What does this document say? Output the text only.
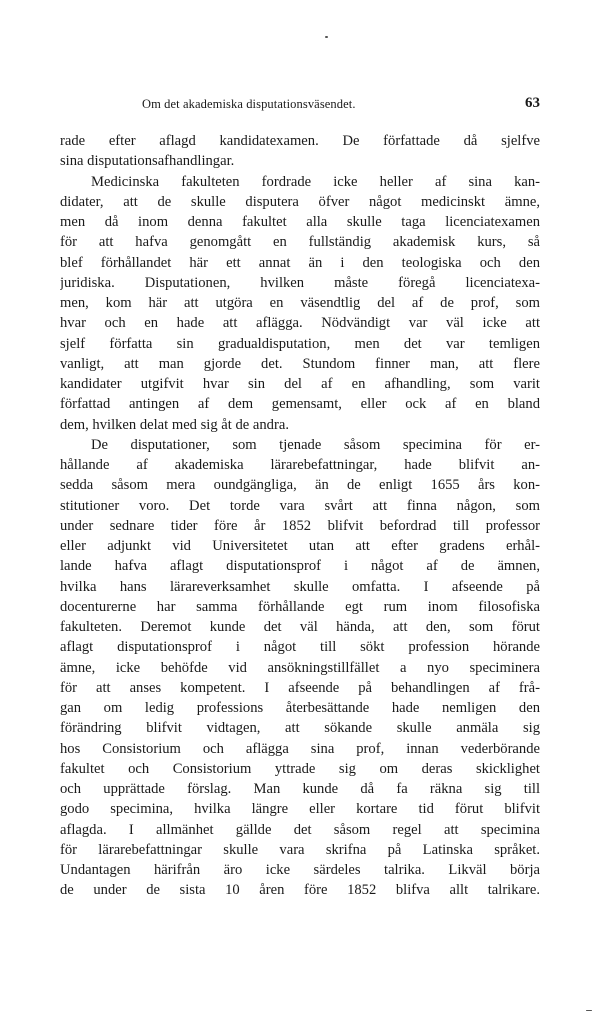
Om det akademiska disputationsväsendet.	63
rade efter aflagd kandidatexamen. De författade då sjelfve
sina disputationsafhandlingar.
Medicinska fakulteten fordrade icke heller af sina kan-
didater, att de skulle disputera öfver något medicinskt ämne,
men då inom denna fakultet alla skulle taga licenciatexamen
för att hafva genomgått en fullständig akademisk kurs, så
blef förhållandet här ett annat än i den teologiska och den
juridiska. Disputationen, hvilken måste föregå licenciatexa-
men, kom här att utgöra en väsendtlig del af de prof, som
hvar och en hade att aflägga. Nödvändigt var väl icke att
sjelf författa sin gradualdisputation, men det var temligen
vanligt, att man gjorde det. Stundom finner man, att flere
kandidater utgifvit hvar sin del af en afhandling, som varit
författad antingen af dem gemensamt, eller ock af en bland
dem, hvilken delat med sig åt de andra.
De disputationer, som tjenade såsom specimina för er-
hållande af akademiska lärarebefattningar, hade blifvit an-
sedda såsom mera oundgängliga, än de enligt 1655 års kon-
stitutioner voro. Det torde vara svårt att finna någon, som
under sednare tider före år 1852 blifvit befordrad till professor
eller adjunkt vid Universitetet utan att efter gradens erhål-
lande hafva aflagt disputationsprof i något af de ämnen,
hvilka hans lärareverksamhet skulle omfatta. I afseende på
docenturerne har samma förhållande egt rum inom filosofiska
fakulteten. Deremot kunde det väl hända, att den, som förut
aflagt disputationsprof i något till sökt profession hörande
ämne, icke behöfde vid ansökningstillfället a nyo speciminera
för att anses kompetent. I afseende på behandlingen af frå-
gan om ledig professions återbesättande hade nemligen den
förändring blifvit vidtagen, att sökande skulle anmäla sig
hos Consistorium och aflägga sina prof, innan vederbörande
fakultet och Consistorium yttrade sig om deras skicklighet
och upprättade förslag. Man kunde då fa räkna sig till
godo specimina, hvilka längre eller kortare tid förut blifvit
aflagda. I allmänhet gällde det såsom regel att specimina
för lärarebefattningar skulle vara skrifna på Latinska språket.
Undantagen härifrån äro icke särdeles talrika. Likväl börja
de under de sista 10 åren före 1852 blifva allt talrikare.
